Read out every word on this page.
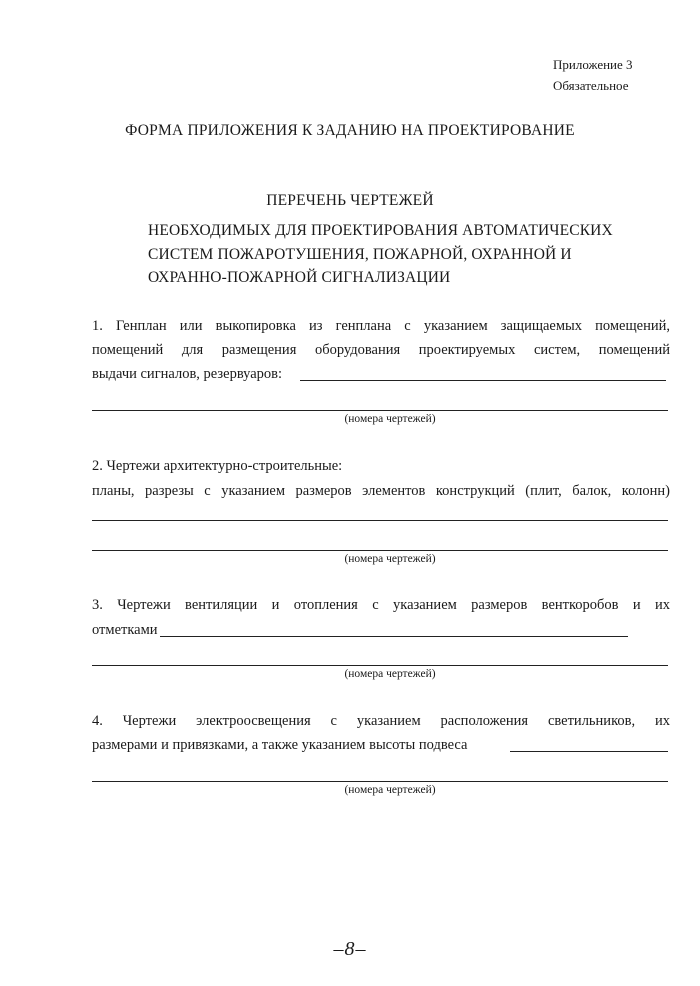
Приложение 3
Обязательное
ФОРМА ПРИЛОЖЕНИЯ К ЗАДАНИЮ НА ПРОЕКТИРОВАНИЕ
ПЕРЕЧЕНЬ ЧЕРТЕЖЕЙ
НЕОБХОДИМЫХ ДЛЯ ПРОЕКТИРОВАНИЯ АВТОМАТИЧЕСКИХ
СИСТЕМ ПОЖАРОТУШЕНИЯ, ПОЖАРНОЙ, ОХРАННОЙ И
ОХРАННО-ПОЖАРНОЙ СИГНАЛИЗАЦИИ
1. Генплан или выкопировка из генплана с указанием защищаемых помещений,
помещений для размещения оборудования проектируемых систем, помещений
выдачи сигналов, резервуаров:
(номера чертежей)
2. Чертежи архитектурно-строительные:
планы, разрезы с указанием размеров элементов конструкций (плит, балок, колонн)
(номера чертежей)
3. Чертежи вентиляции и отопления с указанием размеров венткоробов и их
отметками
(номера чертежей)
4. Чертежи электроосвещения с указанием расположения светильников, их
размерами и привязками, а также указанием высоты подвеса
(номера чертежей)
–8–
